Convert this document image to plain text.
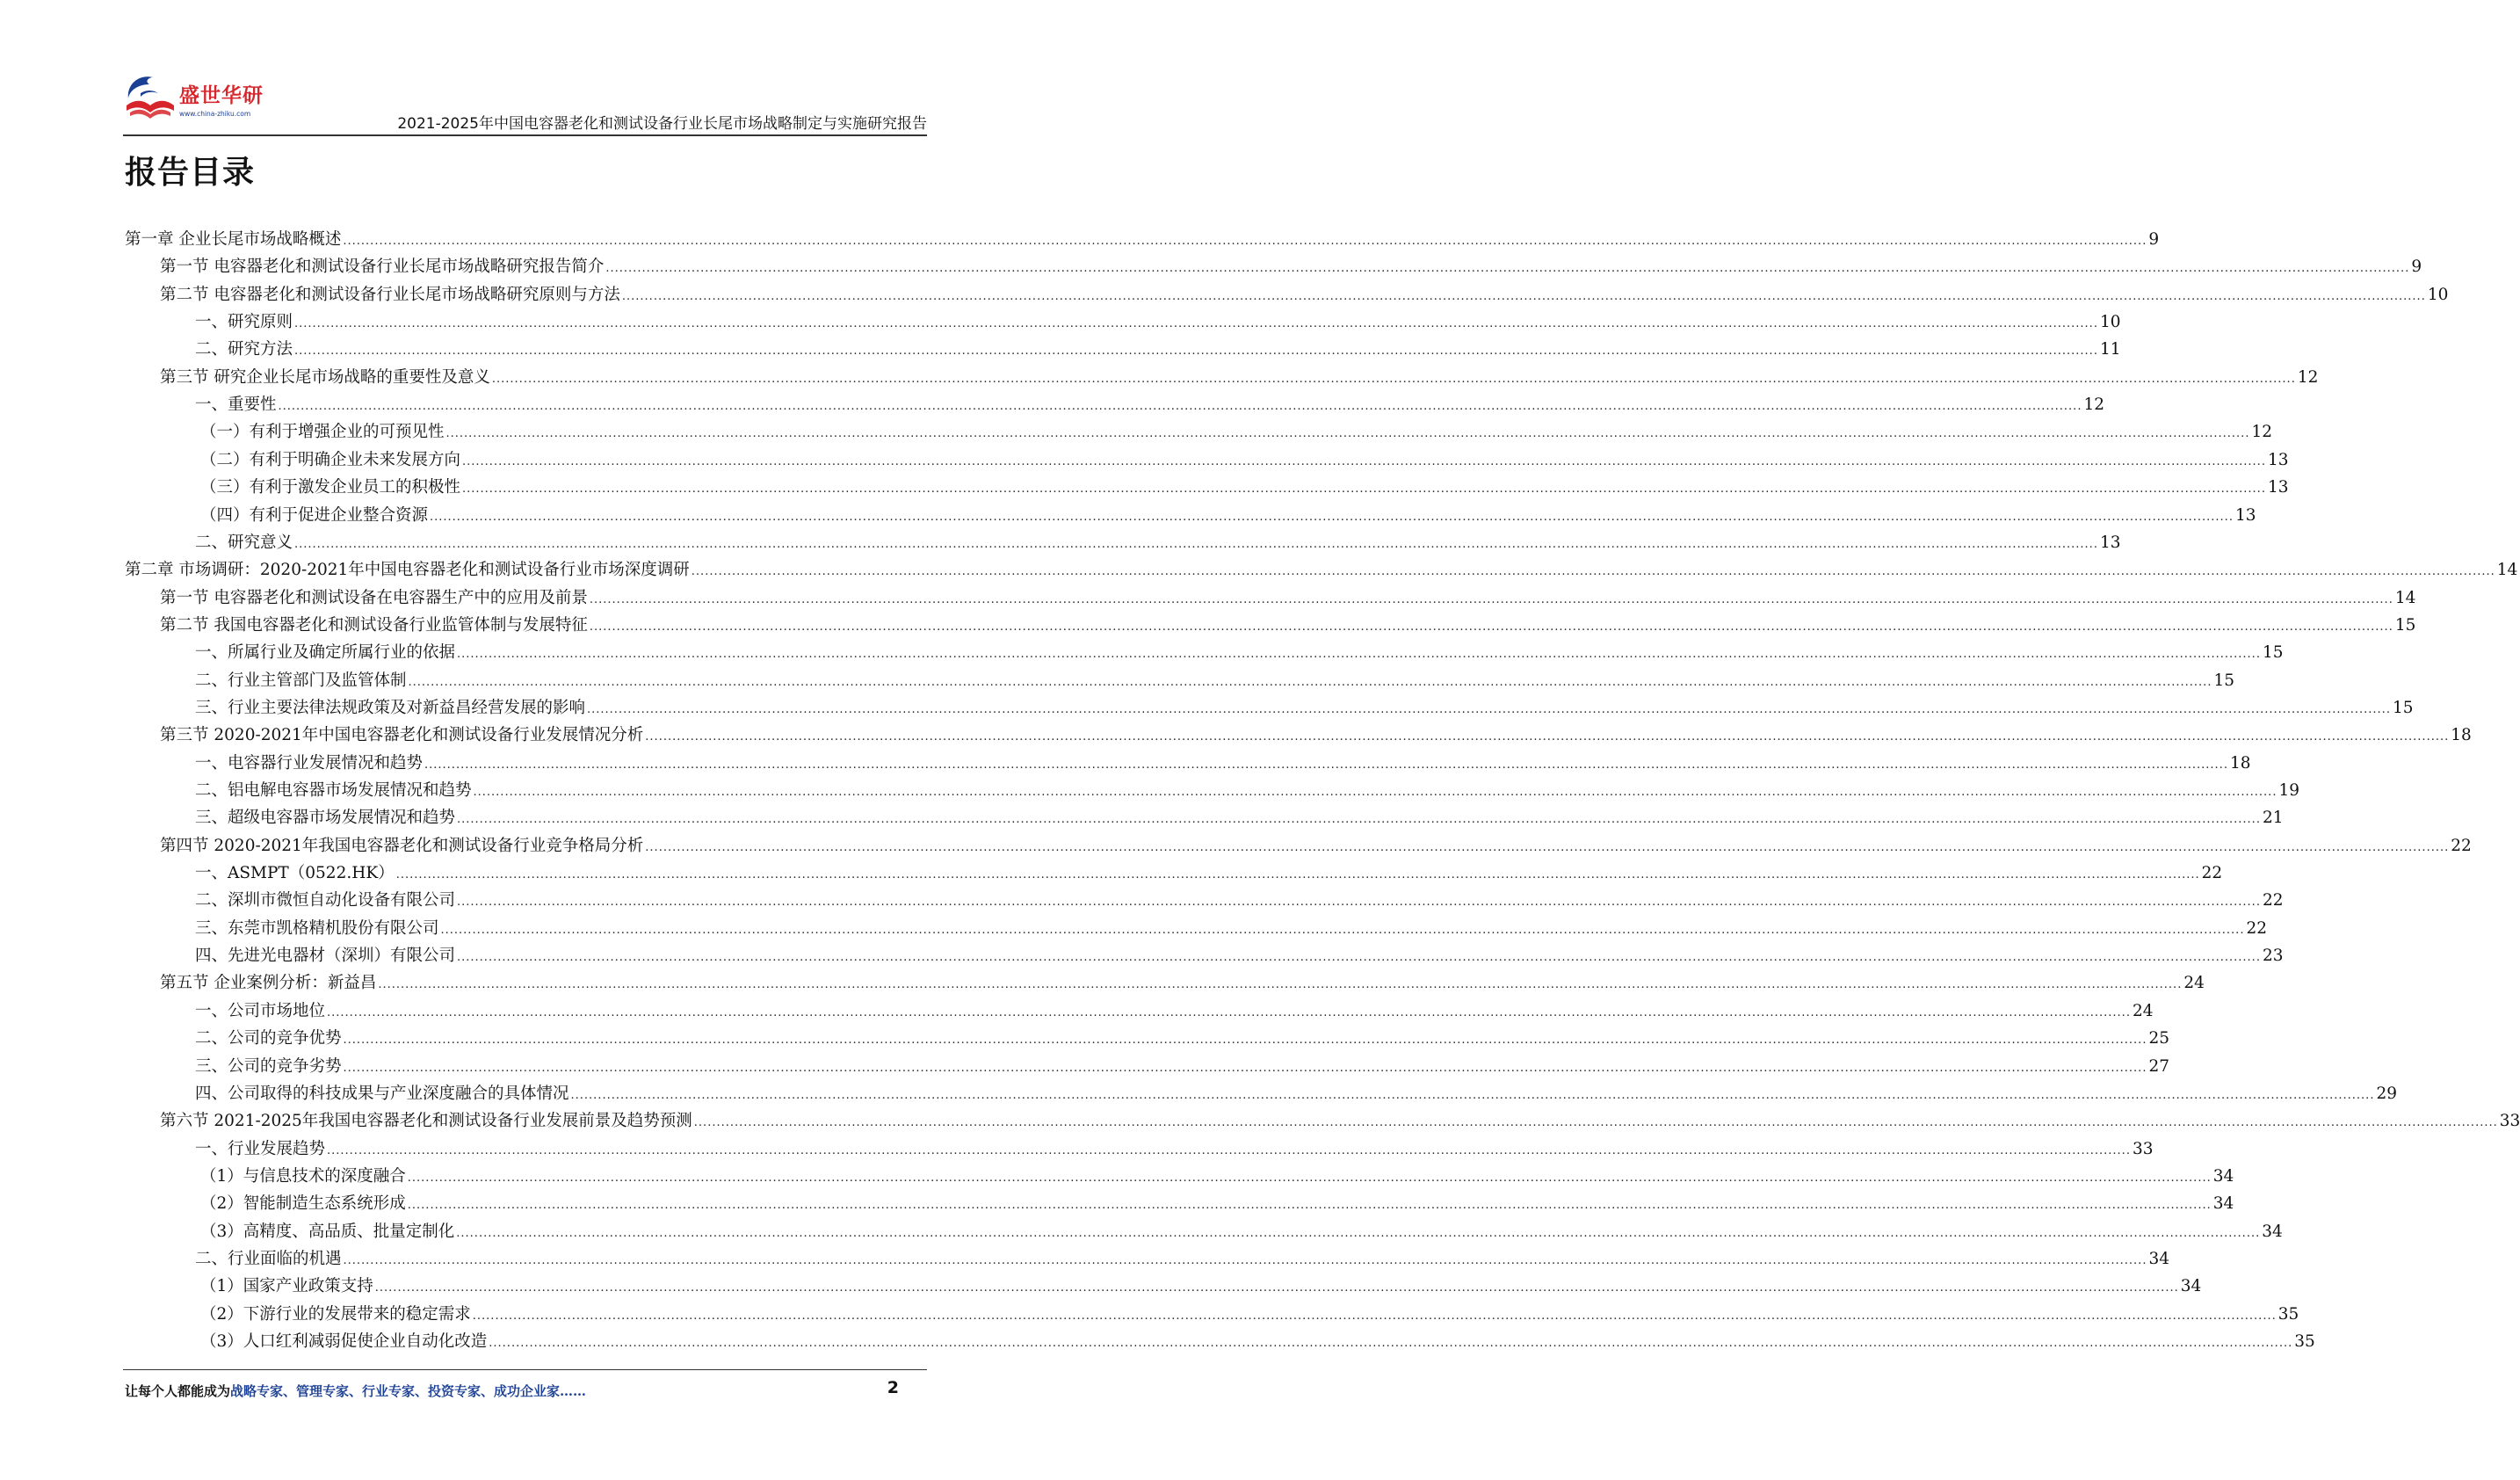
盛世华研
www.china-zhiku.com
2021-2025年中国电容器老化和测试设备行业长尾市场战略制定与实施研究报告
报告目录
第一章 企业长尾市场战略概述 ................................................................................................................................................................................................................................................................................................................................................................................................................ 9
第一节 电容器老化和测试设备行业长尾市场战略研究报告简介 ................................................................................................................................................................................................................................................................................................................................................................................................................ 9
第二节 电容器老化和测试设备行业长尾市场战略研究原则与方法 ................................................................................................................................................................................................................................................................................................................................................................................................................ 10
一、研究原则 ................................................................................................................................................................................................................................................................................................................................................................................................................ 10
二、研究方法 ................................................................................................................................................................................................................................................................................................................................................................................................................ 11
第三节 研究企业长尾市场战略的重要性及意义 ................................................................................................................................................................................................................................................................................................................................................................................................................ 12
一、重要性 ................................................................................................................................................................................................................................................................................................................................................................................................................ 12
（一）有利于增强企业的可预见性 ................................................................................................................................................................................................................................................................................................................................................................................................................ 12
（二）有利于明确企业未来发展方向 ................................................................................................................................................................................................................................................................................................................................................................................................................ 13
（三）有利于激发企业员工的积极性 ................................................................................................................................................................................................................................................................................................................................................................................................................ 13
（四）有利于促进企业整合资源 ................................................................................................................................................................................................................................................................................................................................................................................................................ 13
二、研究意义 ................................................................................................................................................................................................................................................................................................................................................................................................................ 13
第二章 市场调研：2020-2021年中国电容器老化和测试设备行业市场深度调研 ................................................................................................................................................................................................................................................................................................................................................................................................................ 14
第一节 电容器老化和测试设备在电容器生产中的应用及前景 ................................................................................................................................................................................................................................................................................................................................................................................................................ 14
第二节 我国电容器老化和测试设备行业监管体制与发展特征 ................................................................................................................................................................................................................................................................................................................................................................................................................ 15
一、所属行业及确定所属行业的依据 ................................................................................................................................................................................................................................................................................................................................................................................................................ 15
二、行业主管部门及监管体制 ................................................................................................................................................................................................................................................................................................................................................................................................................ 15
三、行业主要法律法规政策及对新益昌经营发展的影响 ................................................................................................................................................................................................................................................................................................................................................................................................................ 15
第三节 2020-2021年中国电容器老化和测试设备行业发展情况分析 ................................................................................................................................................................................................................................................................................................................................................................................................................ 18
一、电容器行业发展情况和趋势 ................................................................................................................................................................................................................................................................................................................................................................................................................ 18
二、铝电解电容器市场发展情况和趋势 ................................................................................................................................................................................................................................................................................................................................................................................................................ 19
三、超级电容器市场发展情况和趋势 ................................................................................................................................................................................................................................................................................................................................................................................................................ 21
第四节 2020-2021年我国电容器老化和测试设备行业竞争格局分析 ................................................................................................................................................................................................................................................................................................................................................................................................................ 22
一、ASMPT（0522.HK） ................................................................................................................................................................................................................................................................................................................................................................................................................ 22
二、深圳市微恒自动化设备有限公司 ................................................................................................................................................................................................................................................................................................................................................................................................................ 22
三、东莞市凯格精机股份有限公司 ................................................................................................................................................................................................................................................................................................................................................................................................................ 22
四、先进光电器材（深圳）有限公司 ................................................................................................................................................................................................................................................................................................................................................................................................................ 23
第五节 企业案例分析：新益昌 ................................................................................................................................................................................................................................................................................................................................................................................................................ 24
一、公司市场地位 ................................................................................................................................................................................................................................................................................................................................................................................................................ 24
二、公司的竞争优势 ................................................................................................................................................................................................................................................................................................................................................................................................................ 25
三、公司的竞争劣势 ................................................................................................................................................................................................................................................................................................................................................................................................................ 27
四、公司取得的科技成果与产业深度融合的具体情况 ................................................................................................................................................................................................................................................................................................................................................................................................................ 29
第六节 2021-2025年我国电容器老化和测试设备行业发展前景及趋势预测 ................................................................................................................................................................................................................................................................................................................................................................................................................ 33
一、行业发展趋势 ................................................................................................................................................................................................................................................................................................................................................................................................................ 33
（1）与信息技术的深度融合 ................................................................................................................................................................................................................................................................................................................................................................................................................ 34
（2）智能制造生态系统形成 ................................................................................................................................................................................................................................................................................................................................................................................................................ 34
（3）高精度、高品质、批量定制化 ................................................................................................................................................................................................................................................................................................................................................................................................................ 34
二、行业面临的机遇 ................................................................................................................................................................................................................................................................................................................................................................................................................ 34
（1）国家产业政策支持 ................................................................................................................................................................................................................................................................................................................................................................................................................ 34
（2）下游行业的发展带来的稳定需求 ................................................................................................................................................................................................................................................................................................................................................................................................................ 35
（3）人口红利减弱促使企业自动化改造 ................................................................................................................................................................................................................................................................................................................................................................................................................ 35
让每个人都能成为战略专家、管理专家、行业专家、投资专家、成功企业家……	2
